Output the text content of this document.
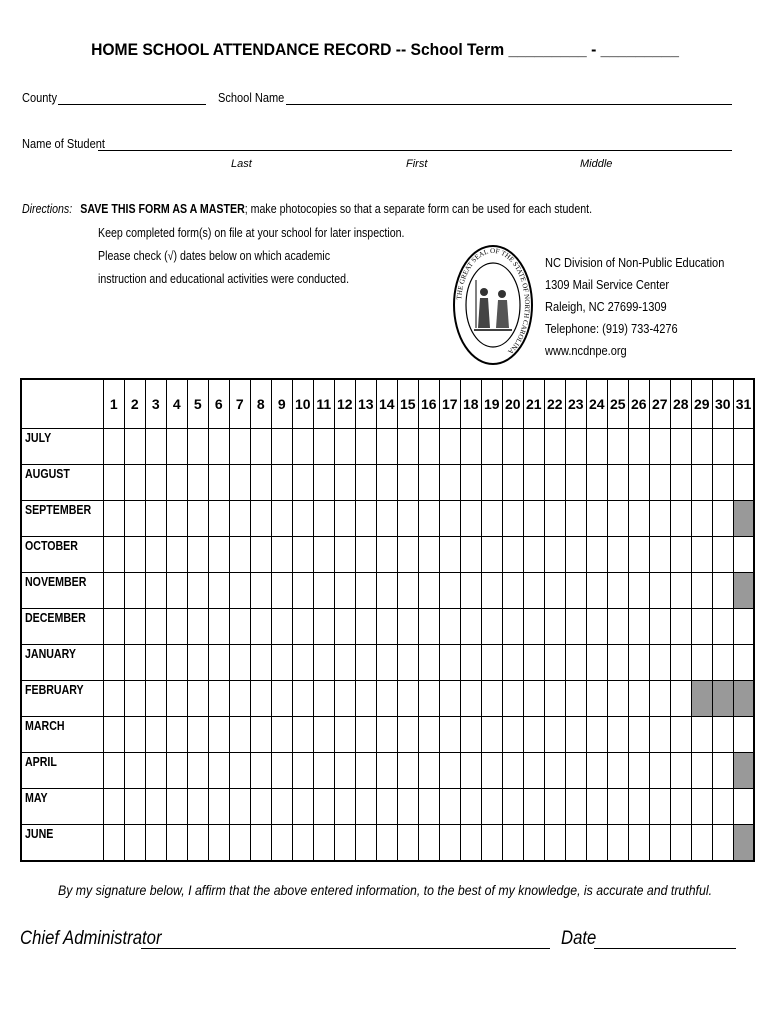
HOME SCHOOL ATTENDANCE RECORD -- School Term _________ - _________
County	School Name
Name of Student
Last	First	Middle
Directions: SAVE THIS FORM AS A MASTER; make photocopies so that a separate form can be used for each student.
Keep completed form(s) on file at your school for later inspection.
Please check (√) dates below on which academic
instruction and educational activities were conducted.
THE GREAT SEAL OF THE STATE OF NORTH CAROLINA
NC Division of Non-Public Education
1309 Mail Service Center
Raleigh, NC 27699-1309
Telephone: (919) 733-4276
www.ncdnpe.org
	1	2	3	4	5	6	7	8	9	10	11	12	13	14	15	16	17	18	19	20	21	22	23	24	25	26	27	28	29	30	31
JULY																															
AUGUST																															
SEPTEMBER																															
OCTOBER																															
NOVEMBER																															
DECEMBER																															
JANUARY																															
FEBRUARY																															
MARCH																															
APRIL																															
MAY																															
JUNE																															
By my signature below, I affirm that the above entered information, to the best of my knowledge, is accurate and truthful.
Chief Administrator	Date
